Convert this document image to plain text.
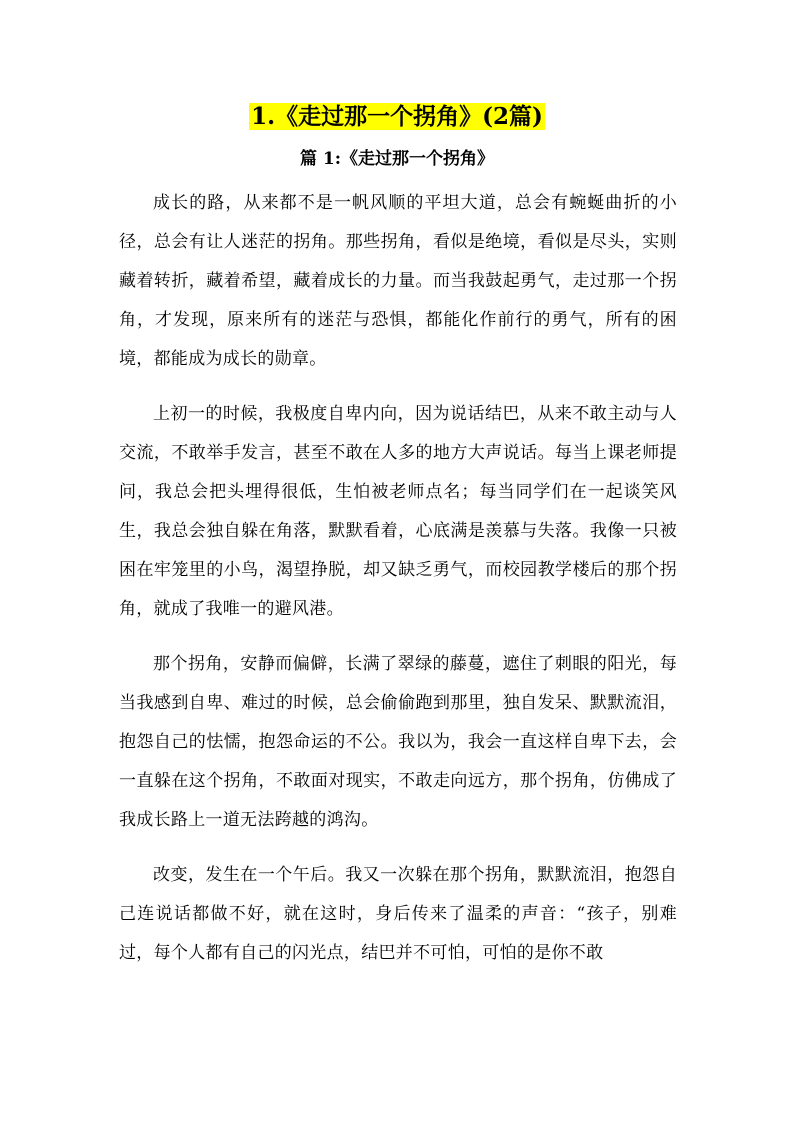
1.《走过那一个拐角》(2篇)
篇 1:《走过那一个拐角》

成长的路，从来都不是一帆风顺的平坦大道，总会有蜿蜒曲折的小径，总会有让人迷茫的拐角。那些拐角，看似是绝境，看似是尽头，实则藏着转折，藏着希望，藏着成长的力量。而当我鼓起勇气，走过那一个拐角，才发现，原来所有的迷茫与恐惧，都能化作前行的勇气，所有的困境，都能成为成长的勋章。

上初一的时候，我极度自卑内向，因为说话结巴，从来不敢主动与人交流，不敢举手发言，甚至不敢在人多的地方大声说话。每当上课老师提问，我总会把头埋得很低，生怕被老师点名；每当同学们在一起谈笑风生，我总会独自躲在角落，默默看着，心底满是羡慕与失落。我像一只被困在牢笼里的小鸟，渴望挣脱，却又缺乏勇气，而校园教学楼后的那个拐角，就成了我唯一的避风港。

那个拐角，安静而偏僻，长满了翠绿的藤蔓，遮住了刺眼的阳光，每当我感到自卑、难过的时候，总会偷偷跑到那里，独自发呆、默默流泪，抱怨自己的怯懦，抱怨命运的不公。我以为，我会一直这样自卑下去，会一直躲在这个拐角，不敢面对现实，不敢走向远方，那个拐角，仿佛成了我成长路上一道无法跨越的鸿沟。

改变，发生在一个午后。我又一次躲在那个拐角，默默流泪，抱怨自己连说话都做不好，就在这时，身后传来了温柔的声音：“孩子，别难过，每个人都有自己的闪光点，结巴并不可怕，可怕的是你不敢
